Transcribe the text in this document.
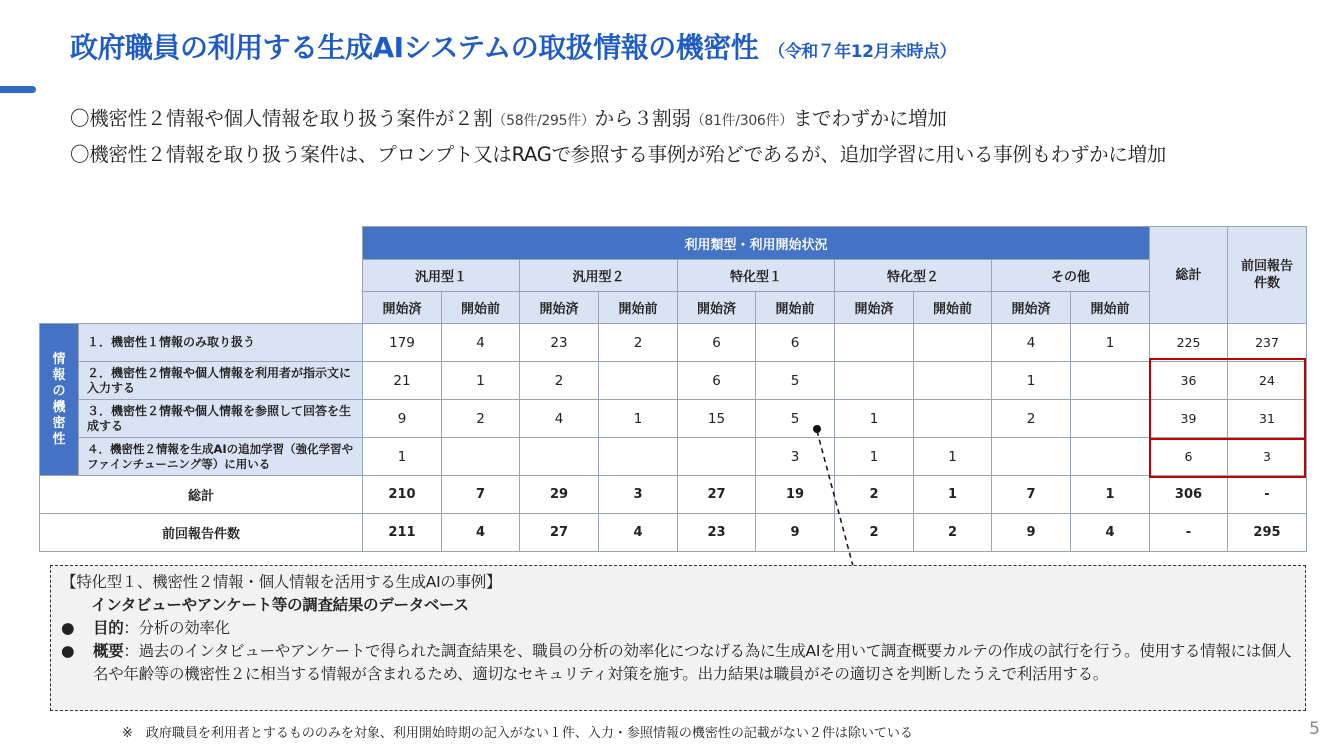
政府職員の利用する生成AIシステムの取扱情報の機密性 （令和７年12月末時点）

〇機密性２情報や個人情報を取り扱う案件が２割（58件/295件）から３割弱（81件/306件）までわずかに増加

〇機密性２情報を取り扱う案件は、プロンプト又はRAGで参照する事例が殆どであるが、追加学習に用いる事例もわずかに増加

		利用類型・利用開始状況										総計	前回報告件数
		汎用型１		汎用型２		特化型１		特化型２		その他			
		開始済	開始前	開始済	開始前	開始済	開始前	開始済	開始前	開始済	開始前		
情報の機密性	１．機密性１情報のみ取り扱う	179	4	23	2	6	6			4	1	225	237
	２．機密性２情報や個人情報を利用者が指示文に入力する	21	1	2		6	5			1		36	24
	３．機密性２情報や個人情報を参照して回答を生成する	9	2	4	1	15	5	1		2		39	31
	４．機密性２情報を生成AIの追加学習（強化学習やファインチューニング等）に用いる	1					3	1	1			6	3
総計		210	7	29	3	27	19	2	1	7	1	306	-
前回報告件数		211	4	27	4	23	9	2	2	9	4	-	295

【特化型１、機密性２情報・個人情報を活用する生成AIの事例】

インタビューやアンケート等の調査結果のデータベース

●	目的：分析の効率化
●	概要：過去のインタビューやアンケートで得られた調査結果を、職員の分析の効率化につなげる為に生成AIを用いて調査概要カルテの作成の試行を行う。使用する情報には個人名や年齢等の機密性２に相当する情報が含まれるため、適切なセキュリティ対策を施す。出力結果は職員がその適切さを判断したうえで利活用する。
※　政府職員を利用者とするもののみを対象、利用開始時期の記入がない１件、入力・参照情報の機密性の記載がない２件は除いている	5
